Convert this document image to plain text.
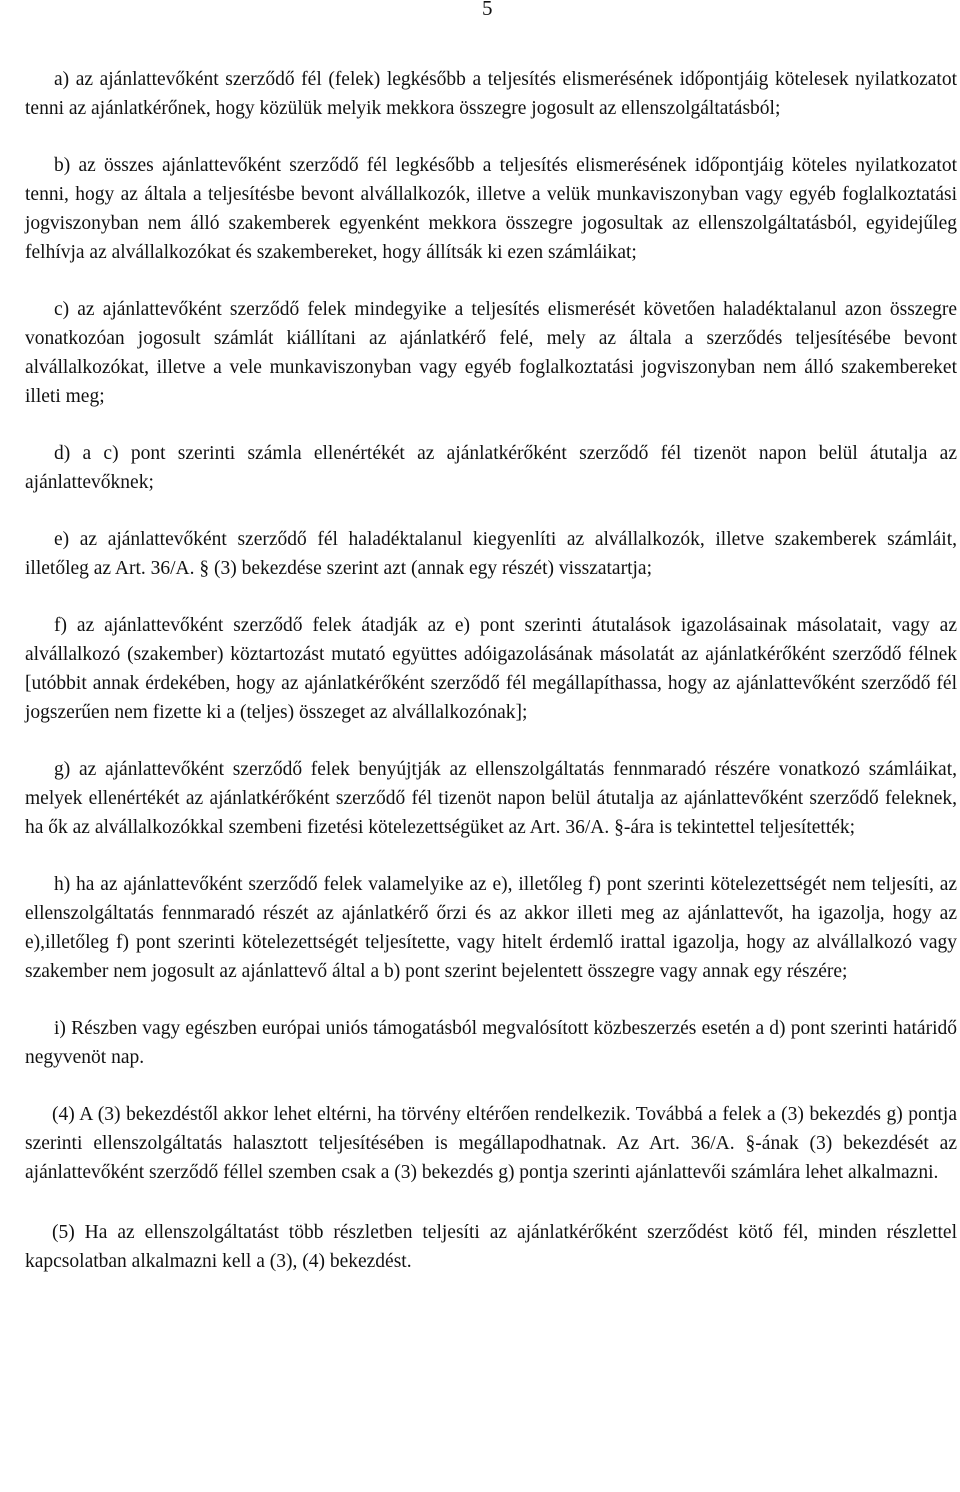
5

a) az ajánlattevőként szerződő fél (felek) legkésőbb a teljesítés elismerésének időpontjáig kötelesek nyilatkozatot tenni az ajánlatkérőnek, hogy közülük melyik mekkora összegre jogosult az ellenszolgáltatásból;

b) az összes ajánlattevőként szerződő fél legkésőbb a teljesítés elismerésének időpontjáig köteles nyilatkozatot tenni, hogy az általa a teljesítésbe bevont alvállalkozók, illetve a velük munkaviszonyban vagy egyéb foglalkoztatási jogviszonyban nem álló szakemberek egyenként mekkora összegre jogosultak az ellenszolgáltatásból, egyidejűleg felhívja az alvállalkozókat és szakembereket, hogy állítsák ki ezen számláikat;

c) az ajánlattevőként szerződő felek mindegyike a teljesítés elismerését követően haladéktalanul azon összegre vonatkozóan jogosult számlát kiállítani az ajánlatkérő felé, mely az általa a szerződés teljesítésébe bevont alvállalkozókat, illetve a vele munkaviszonyban vagy egyéb foglalkoztatási jogviszonyban nem álló szakembereket illeti meg;

d) a c) pont szerinti számla ellenértékét az ajánlatkérőként szerződő fél tizenöt napon belül átutalja az ajánlattevőknek;

e) az ajánlattevőként szerződő fél haladéktalanul kiegyenlíti az alvállalkozók, illetve szakemberek számláit, illetőleg az Art. 36/A. § (3) bekezdése szerint azt (annak egy részét) visszatartja;

f) az ajánlattevőként szerződő felek átadják az e) pont szerinti átutalások igazolásainak másolatait, vagy az alvállalkozó (szakember) köztartozást mutató együttes adóigazolásának másolatát az ajánlatkérőként szerződő félnek [utóbbit annak érdekében, hogy az ajánlatkérőként szerződő fél megállapíthassa, hogy az ajánlattevőként szerződő fél jogszerűen nem fizette ki a (teljes) összeget az alvállalkozónak];

g) az ajánlattevőként szerződő felek benyújtják az ellenszolgáltatás fennmaradó részére vonatkozó számláikat, melyek ellenértékét az ajánlatkérőként szerződő fél tizenöt napon belül átutalja az ajánlattevőként szerződő feleknek, ha ők az alvállalkozókkal szembeni fizetési kötelezettségüket az Art. 36/A. §-ára is tekintettel teljesítették;

h) ha az ajánlattevőként szerződő felek valamelyike az e), illetőleg f) pont szerinti kötelezettségét nem teljesíti, az ellenszolgáltatás fennmaradó részét az ajánlatkérő őrzi és az akkor illeti meg az ajánlattevőt, ha igazolja, hogy az e),illetőleg f) pont szerinti kötelezettségét teljesítette, vagy hitelt érdemlő irattal igazolja, hogy az alvállalkozó vagy szakember nem jogosult az ajánlattevő által a b) pont szerint bejelentett összegre vagy annak egy részére;

i) Részben vagy egészben európai uniós támogatásból megvalósított közbeszerzés esetén a d) pont szerinti határidő negyvenöt nap.

(4) A (3) bekezdéstől akkor lehet eltérni, ha törvény eltérően rendelkezik. Továbbá a felek a (3) bekezdés g) pontja szerinti ellenszolgáltatás halasztott teljesítésében is megállapodhatnak. Az Art. 36/A. §-ának (3) bekezdését az ajánlattevőként szerződő féllel szemben csak a (3) bekezdés g) pontja szerinti ajánlattevői számlára lehet alkalmazni.

(5) Ha az ellenszolgáltatást több részletben teljesíti az ajánlatkérőként szerződést kötő fél, minden részlettel kapcsolatban alkalmazni kell a (3), (4) bekezdést.
